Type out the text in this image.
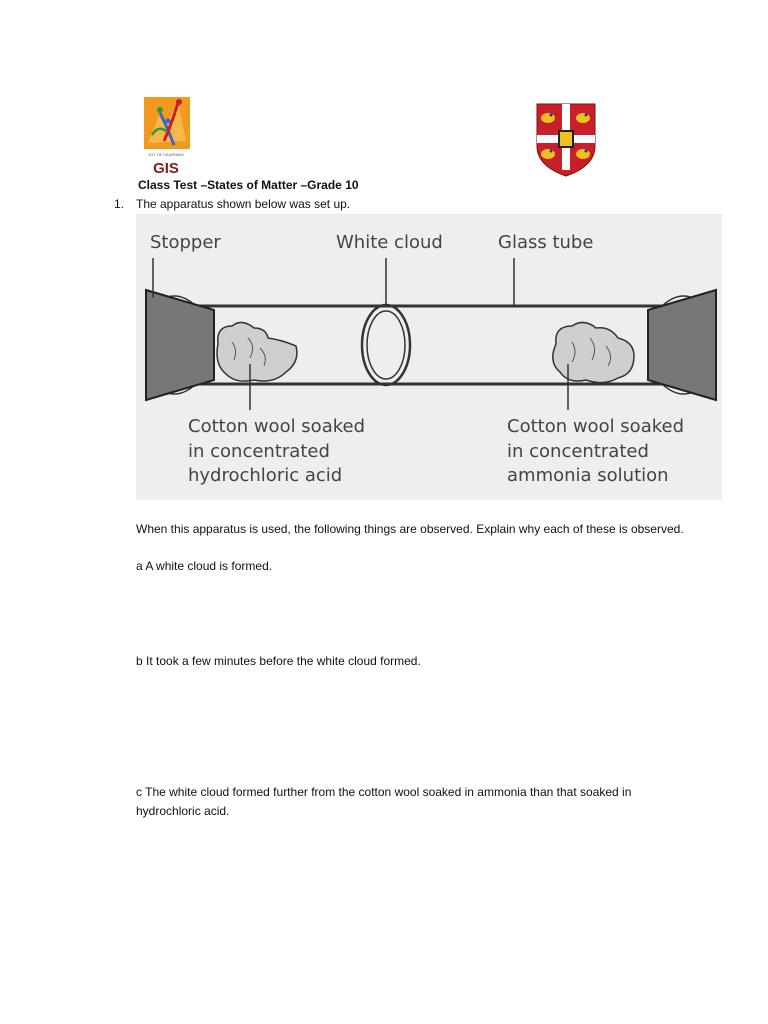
JOY OF LEARNING
GIS
Class Test –States of Matter –Grade 10
1. The apparatus shown below was set up.
Stopper	White cloud	Glass tube
Cotton wool soaked
in concentrated
hydrochloric acid
Cotton wool soaked
in concentrated
ammonia solution

When this apparatus is used, the following things are observed. Explain why each of these is observed.

a A white cloud is formed.

b It took a few minutes before the white cloud formed.

c The white cloud formed further from the cotton wool soaked in ammonia than that soaked in hydrochloric acid.
